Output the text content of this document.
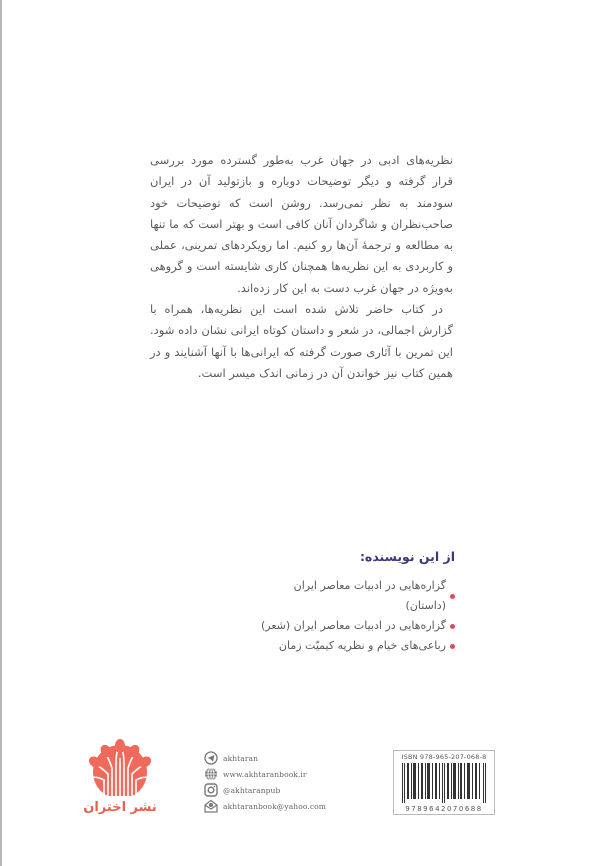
نظریه‌های ادبی در جهان غرب به‌طور گسترده مورد بررسی قرار گرفته و دیگر توضیحات دوباره و بازتولید آن در ایران سودمند به نظر نمی‌رسد. روشن است که توضیحات خود صاحب‌نظران و شاگردان آنان کافی است و بهتر است که ما تنها به مطالعه و ترجمهٔ آن‌ها رو کنیم. اما رویکردهای تمرینی، عملی و کاربردی به این نظریه‌ها همچنان کاری شایسته است و گروهی به‌ویژه در جهان غرب دست به این کار زده‌اند.

در کتاب حاضر تلاش شده است این نظریه‌ها، همراه با گزارش اجمالی، در شعر و داستان کوتاه ایرانی نشان داده شود. این تمرین با آثاری صورت گرفته که ایرانی‌ها با آنها آشنایند و در همین کتاب نیز خواندن آن در زمانی اندک میسر است.

از این نویسنده:
گزاره‌هایی در ادبیات معاصر ایران (داستان)
گزاره‌هایی در ادبیات معاصر ایران (شعر)
رباعی‌های خیام و نظریه کیمیّت زمان
نشر اختران
akhtaran
www.akhtaranbook.ir
@akhtaranpub
akhtaranbook@yahoo.com
ISBN 978-965-207-068-8
9789642070688
